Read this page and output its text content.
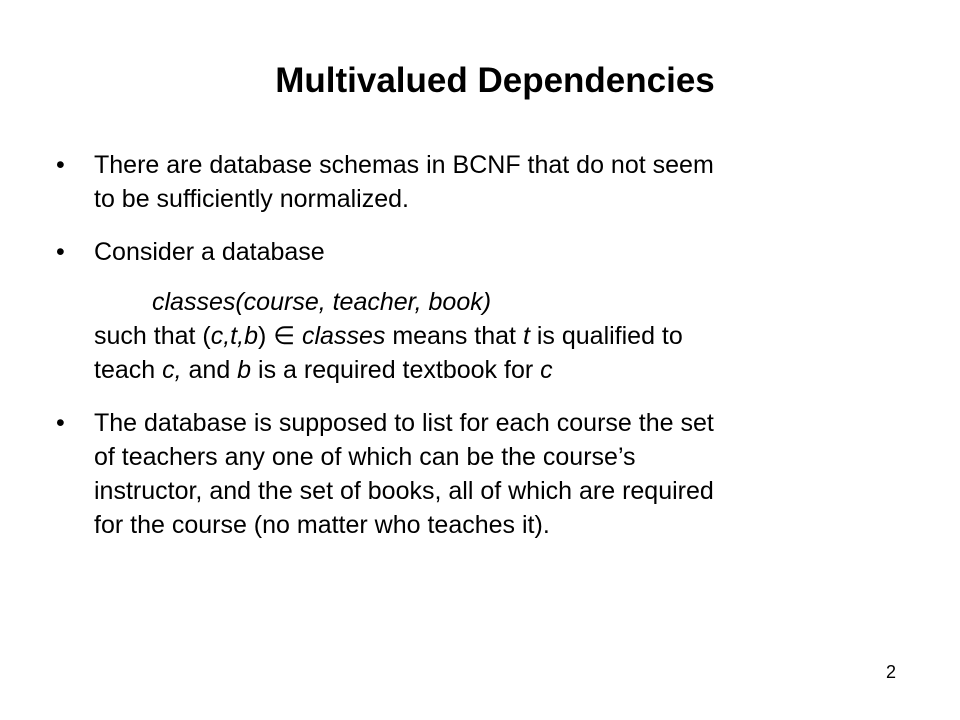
Multivalued Dependencies
•	There are database schemas in BCNF that do not seem
to be sufficiently normalized.
•	Consider a database

classes(course, teacher, book)

such that (c,t,b) ∈ classes means that t is qualified to
teach c, and b is a required textbook for c

•	The database is supposed to list for each course the set
of teachers any one of which can be the course’s
instructor, and the set of books, all of which are required
for the course (no matter who teaches it).
2
